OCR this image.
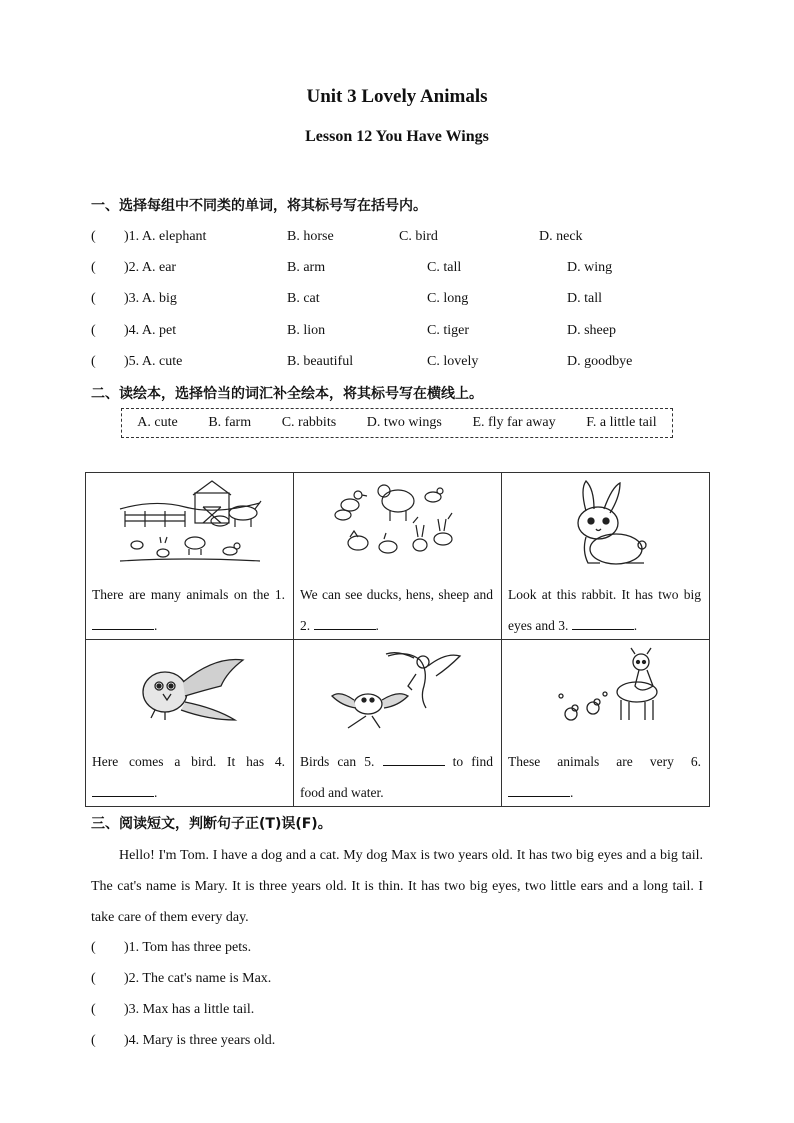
Unit 3 Lovely Animals
Lesson 12 You Have Wings
一、选择每组中不同类的单词，将其标号写在括号内。
( )1. A. elephant	B. horse	C. bird	D. neck
( )2. A. ear	B. arm	C. tall	D. wing
( )3. A. big	B. cat	C. long	D. tall
( )4. A. pet	B. lion	C. tiger	D. sheep
( )5. A. cute	B. beautiful	C. lovely	D. goodbye
二、读绘本，选择恰当的词汇补全绘本，将其标号写在横线上。
A. cute B. farm C. rabbits D. two wings E. fly far away F. a little tail
There are many animals on the 1. .	We can see ducks, hens, sheep and 2. .	Look at this rabbit. It has two big eyes and 3. .

Here comes a bird. It has 4. .	Birds can 5. to find food and water.	These animals are very 6. .
三、阅读短文，判断句子正(T)误(F)。
Hello! I'm Tom. I have a dog and a cat. My dog Max is two years old. It has two big eyes and a big tail. The cat's name is Mary. It is three years old. It is thin. It has two big eyes, two little ears and a long tail. I take care of them every day.
( )1. Tom has three pets.
( )2. The cat's name is Max.
( )3. Max has a little tail.
( )4. Mary is three years old.
